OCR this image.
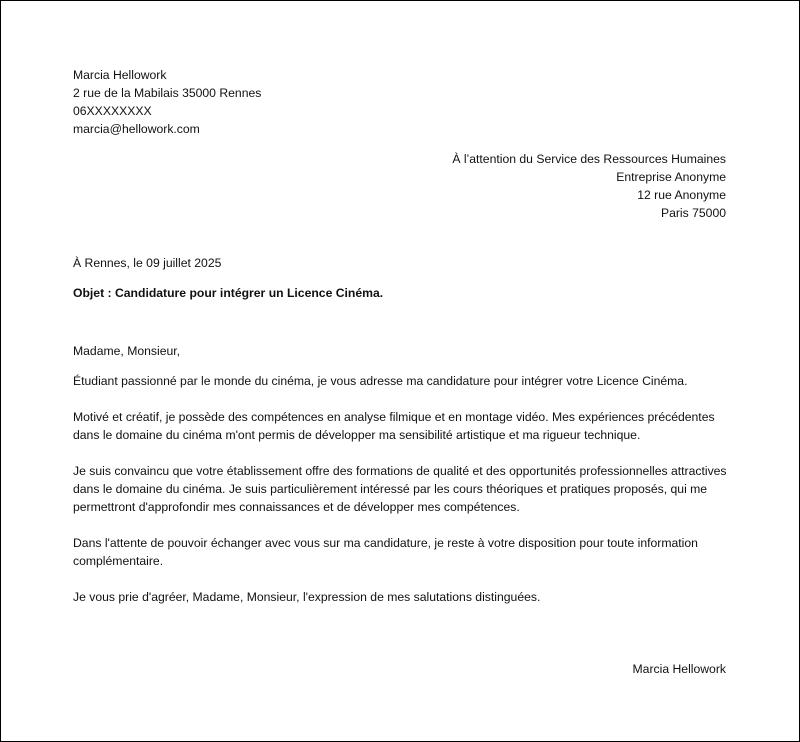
Marcia Hellowork
2 rue de la Mabilais 35000 Rennes
06XXXXXXXX
marcia@hellowork.com
À l’attention du Service des Ressources Humaines
Entreprise Anonyme
12 rue Anonyme
Paris 75000
À Rennes, le 09 juillet 2025
Objet : Candidature pour intégrer un Licence Cinéma.

Madame, Monsieur,

Étudiant passionné par le monde du cinéma, je vous adresse ma candidature pour intégrer votre Licence Cinéma.

Motivé et créatif, je possède des compétences en analyse filmique et en montage vidéo. Mes expériences précédentes dans le domaine du cinéma m'ont permis de développer ma sensibilité artistique et ma rigueur technique.

Je suis convaincu que votre établissement offre des formations de qualité et des opportunités professionnelles attractives dans le domaine du cinéma. Je suis particulièrement intéressé par les cours théoriques et pratiques proposés, qui me permettront d'approfondir mes connaissances et de développer mes compétences.

Dans l'attente de pouvoir échanger avec vous sur ma candidature, je reste à votre disposition pour toute information complémentaire.

Je vous prie d'agréer, Madame, Monsieur, l'expression de mes salutations distinguées.

Marcia Hellowork
